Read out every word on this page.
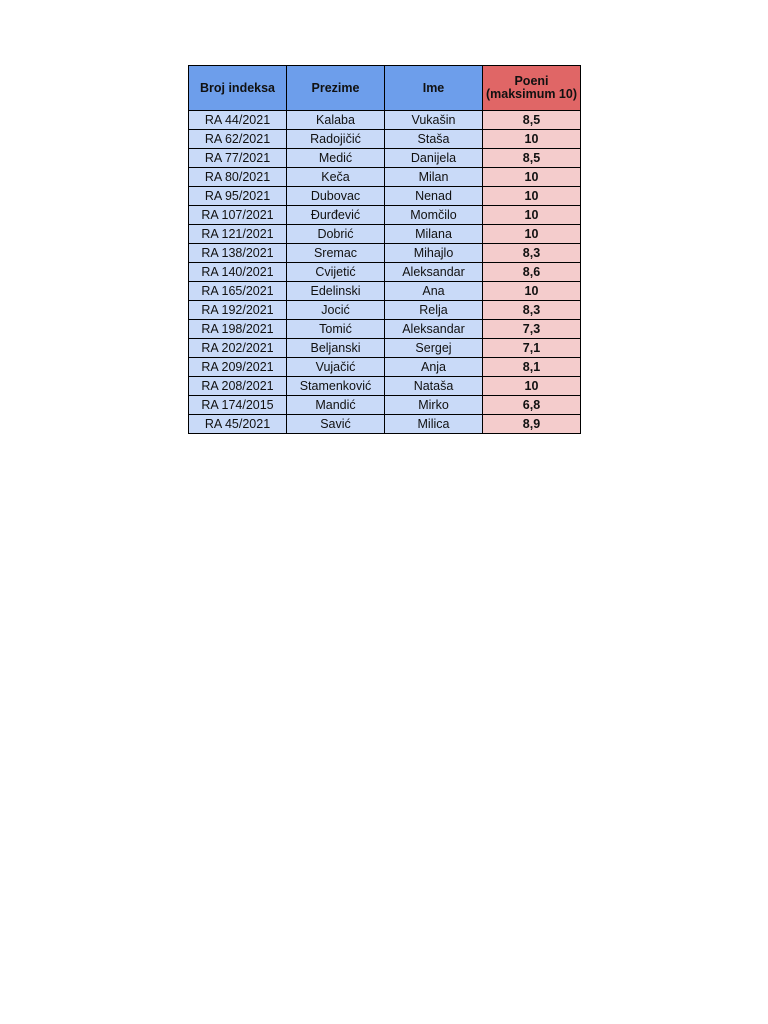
Broj indeksa	Prezime	Ime	Poeni (maksimum 10)
RA 44/2021	Kalaba	Vukašin	8,5
RA 62/2021	Radojičić	Staša	10
RA 77/2021	Medić	Danijela	8,5
RA 80/2021	Keča	Milan	10
RA 95/2021	Dubovac	Nenad	10
RA 107/2021	Đurđević	Momčilo	10
RA 121/2021	Dobrić	Milana	10
RA 138/2021	Sremac	Mihajlo	8,3
RA 140/2021	Cvijetić	Aleksandar	8,6
RA 165/2021	Edelinski	Ana	10
RA 192/2021	Jocić	Relja	8,3
RA 198/2021	Tomić	Aleksandar	7,3
RA 202/2021	Beljanski	Sergej	7,1
RA 209/2021	Vujačić	Anja	8,1
RA 208/2021	Stamenković	Nataša	10
RA 174/2015	Mandić	Mirko	6,8
RA 45/2021	Savić	Milica	8,9
